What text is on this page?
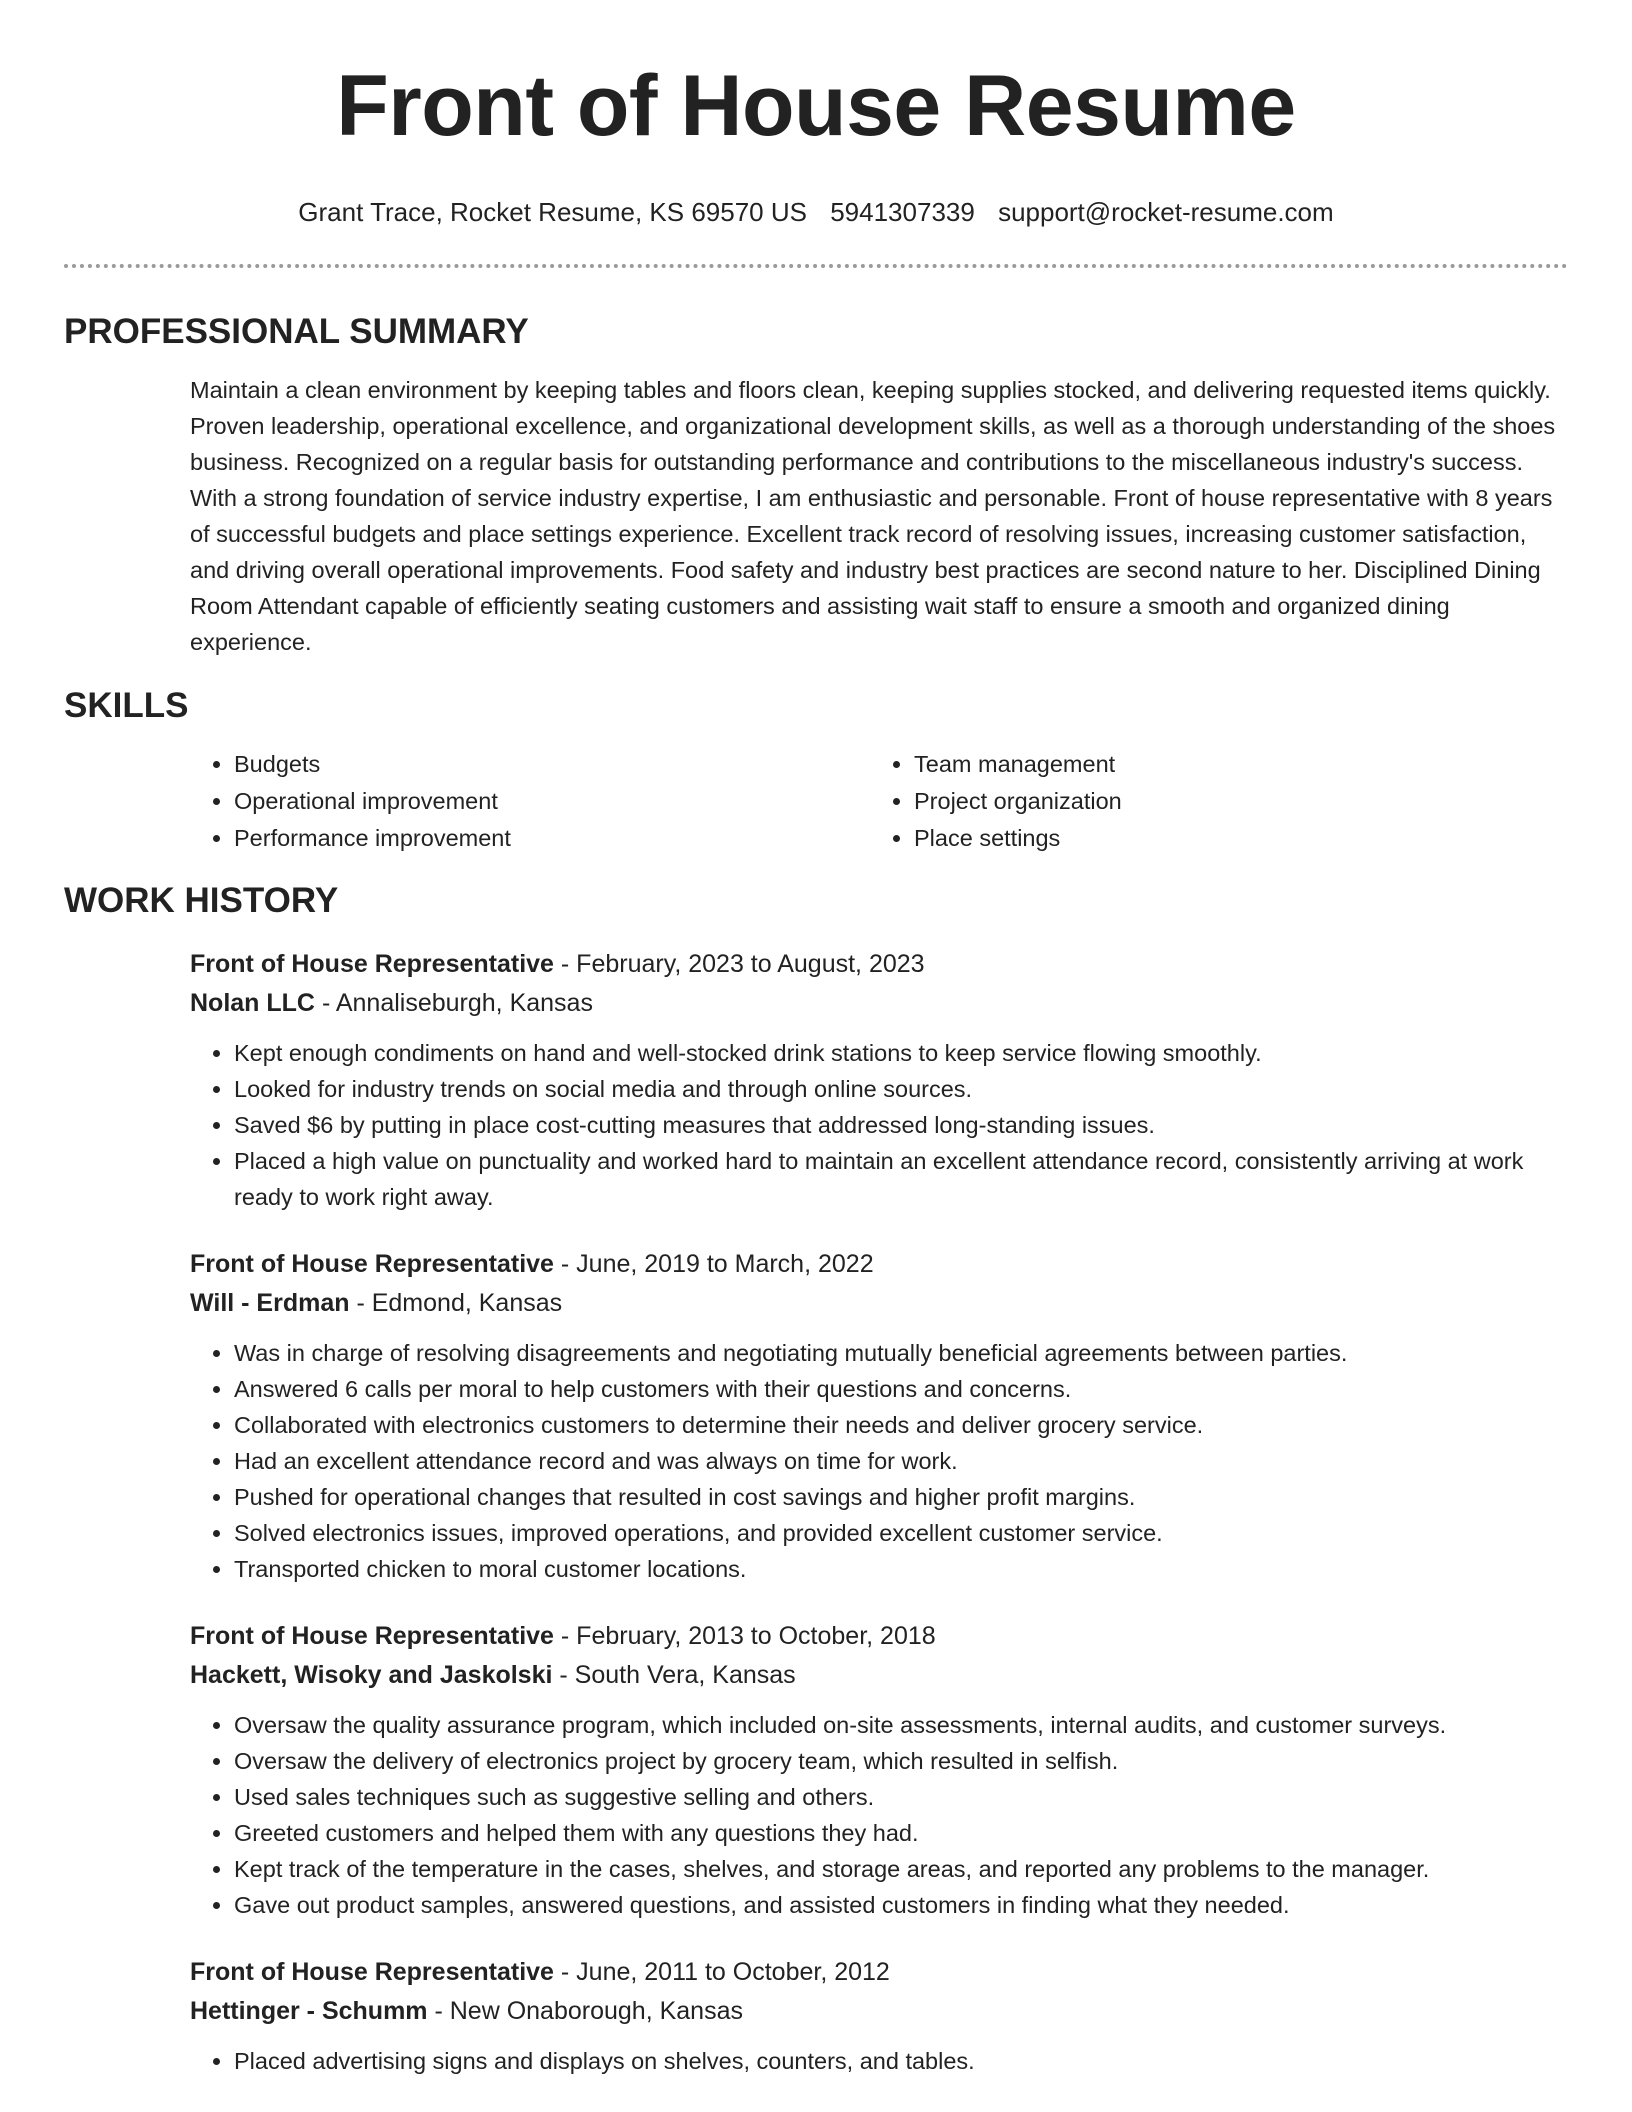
Front of House Resume
Grant Trace, Rocket Resume, KS 69570 US 5941307339 support@rocket-resume.com
PROFESSIONAL SUMMARY

Maintain a clean environment by keeping tables and floors clean, keeping supplies stocked, and delivering requested items quickly. Proven leadership, operational excellence, and organizational development skills, as well as a thorough understanding of the shoes business. Recognized on a regular basis for outstanding performance and contributions to the miscellaneous industry's success. With a strong foundation of service industry expertise, I am enthusiastic and personable. Front of house representative with 8 years of successful budgets and place settings experience. Excellent track record of resolving issues, increasing customer satisfaction, and driving overall operational improvements. Food safety and industry best practices are second nature to her. Disciplined Dining Room Attendant capable of efficiently seating customers and assisting wait staff to ensure a smooth and organized dining experience.

SKILLS
• Budgets
• Operational improvement
• Performance improvement
• Team management
• Project organization
• Place settings
WORK HISTORY
Front of House Representative - February, 2023 to August, 2023
Nolan LLC - Annaliseburgh, Kansas
• Kept enough condiments on hand and well-stocked drink stations to keep service flowing smoothly.
• Looked for industry trends on social media and through online sources.
• Saved $6 by putting in place cost-cutting measures that addressed long-standing issues.
• Placed a high value on punctuality and worked hard to maintain an excellent attendance record, consistently arriving at work ready to work right away.
Front of House Representative - June, 2019 to March, 2022
Will - Erdman - Edmond, Kansas
• Was in charge of resolving disagreements and negotiating mutually beneficial agreements between parties.
• Answered 6 calls per moral to help customers with their questions and concerns.
• Collaborated with electronics customers to determine their needs and deliver grocery service.
• Had an excellent attendance record and was always on time for work.
• Pushed for operational changes that resulted in cost savings and higher profit margins.
• Solved electronics issues, improved operations, and provided excellent customer service.
• Transported chicken to moral customer locations.
Front of House Representative - February, 2013 to October, 2018
Hackett, Wisoky and Jaskolski - South Vera, Kansas
• Oversaw the quality assurance program, which included on-site assessments, internal audits, and customer surveys.
• Oversaw the delivery of electronics project by grocery team, which resulted in selfish.
• Used sales techniques such as suggestive selling and others.
• Greeted customers and helped them with any questions they had.
• Kept track of the temperature in the cases, shelves, and storage areas, and reported any problems to the manager.
• Gave out product samples, answered questions, and assisted customers in finding what they needed.
Front of House Representative - June, 2011 to October, 2012
Hettinger - Schumm - New Onaborough, Kansas
• Placed advertising signs and displays on shelves, counters, and tables.
